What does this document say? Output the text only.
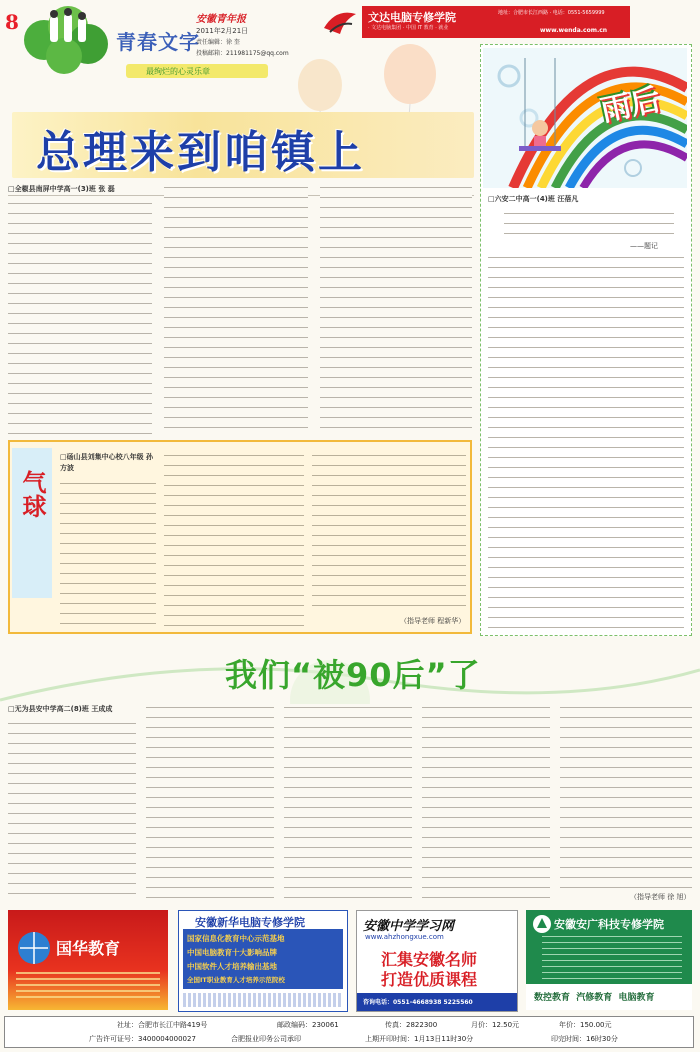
8
青春文字
安徽青年报
2011年2月21日
责任编辑：徐 奎
投稿邮箱：211981175@qq.com
最绚烂的心灵乐章
文达电脑专修学院
· 文达电脑集团 · 中国 IT 教育 · 就业
地址：合肥市长江西路 · 电话：0551-5659999
www.wenda.com.cn
总理来到咱镇上
□全椒县南屏中学高一(3)班 张 磊
雨后
□六安二中高一(4)班 汪蓓凡
——题记
气球
□砀山县刘集中心校八年级 孙方波
（指导老师 程新华）
我们“被90后”了
□无为县安中学高二(8)班 王成成
（指导老师 徐 旭）
国华教育
安徽新华电脑专修学院
国家信息化教育中心示范基地
中国电脑教育十大影响品牌
中国软件人才培养输出基地
全国IT职业教育人才培养示范院校
安徽中学学习网
www.ahzhongxue.com
汇集安徽名师
打造优质课程
咨询电话：0551-4668938 5225560
安徽安广科技专修学院
数控教育  汽修教育  电脑教育
社址：合肥市长江中路419号	邮政编码：230061	传真：2822300	月价：12.50元	年价：150.00元
广告许可证号：3400004000027	合肥报业印务公司承印	上期开印时间：1月13日11时30分	印完时间：16时30分
